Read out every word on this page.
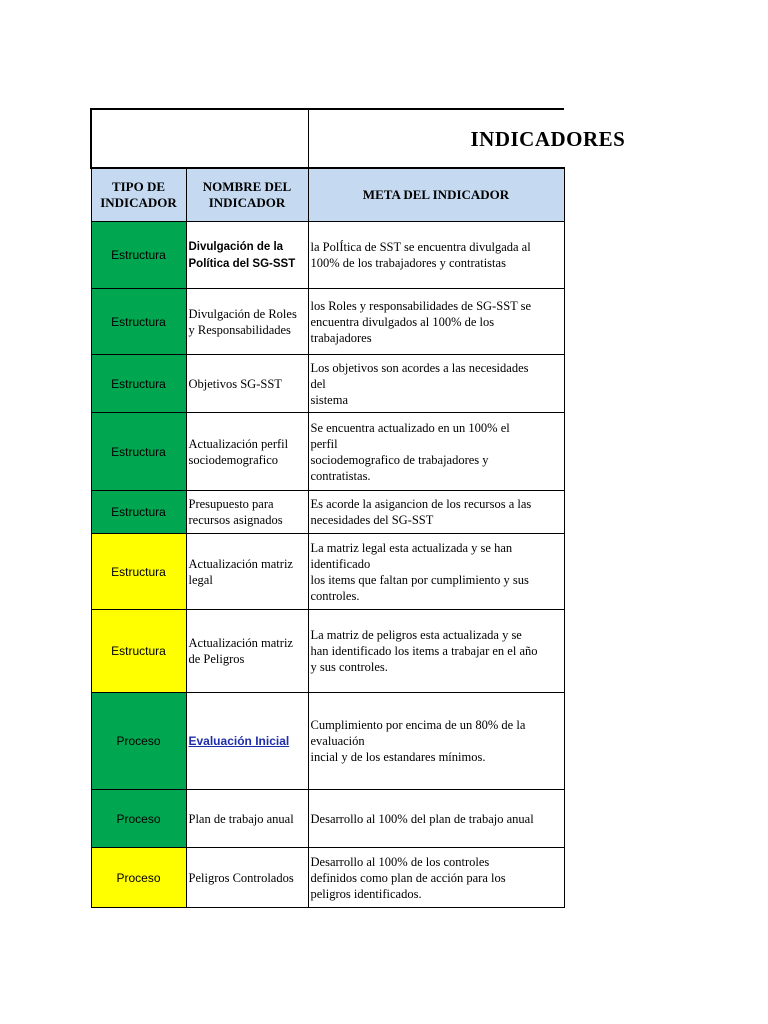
		INDICADORES
TIPO DE INDICADOR	NOMBRE DEL INDICADOR	META DEL INDICADOR
Estructura	Divulgación de la Política del SG-SST	la PolÍtica de SST se encuentra divulgada al
100% de los trabajadores y contratistas

Estructura	Divulgación de Roles y Responsabilidades	los Roles y responsabilidades de SG-SST se
encuentra divulgados al 100% de los
trabajadores

Estructura	Objetivos SG-SST	Los objetivos son acordes a las necesidades
del
sistema

Estructura	Actualización perfil sociodemografico	Se encuentra actualizado en un 100% el
perfil
sociodemografico de trabajadores y
contratistas.

Estructura	Presupuesto para recursos asignados	Es acorde la asigancion de los recursos a las
necesidades del SG-SST

Estructura	Actualización matriz legal	La matriz legal esta actualizada y se han
identificado
los items que faltan por cumplimiento y sus
controles.

Estructura	Actualización matriz de Peligros	La matriz de peligros esta actualizada y se
han identificado los items a trabajar en el año
y sus controles.

Proceso	Evaluación Inicial	Cumplimiento por encima de un 80% de la
evaluación
incial y de los estandares mínimos.

Proceso	Plan de trabajo anual	Desarrollo al 100% del plan de trabajo anual

Proceso	Peligros Controlados	Desarrollo al 100% de los controles
definidos como plan de acción para los
peligros identificados.
